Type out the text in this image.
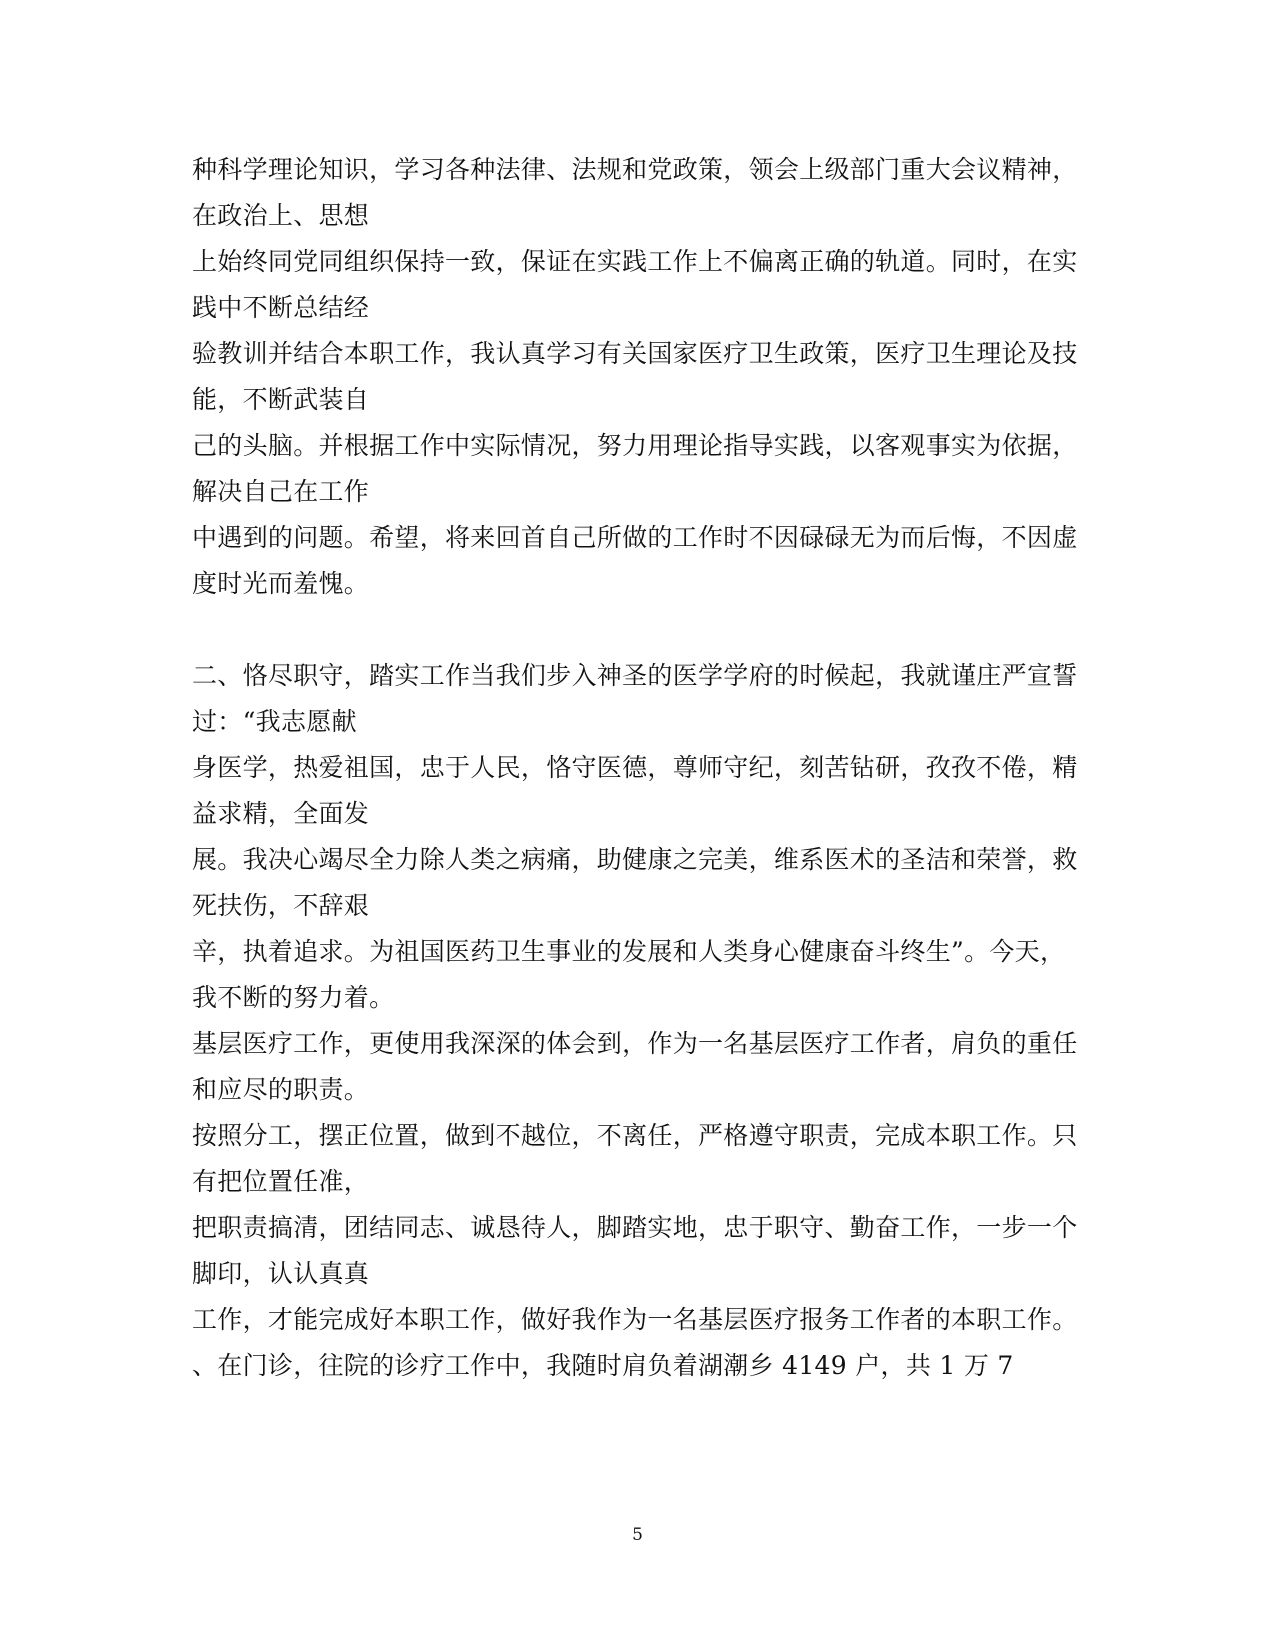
种科学理论知识，学习各种法律、法规和党政策，领会上级部门重大会议精神，
在政治上、思想
上始终同党同组织保持一致，保证在实践工作上不偏离正确的轨道。同时，在实
践中不断总结经
验教训并结合本职工作，我认真学习有关国家医疗卫生政策，医疗卫生理论及技
能，不断武装自
己的头脑。并根据工作中实际情况，努力用理论指导实践，以客观事实为依据，
解决自己在工作
中遇到的问题。希望，将来回首自己所做的工作时不因碌碌无为而后悔，不因虚
度时光而羞愧。
二、恪尽职守，踏实工作当我们步入神圣的医学学府的时候起，我就谨庄严宣誓
过：“我志愿献
身医学，热爱祖国，忠于人民，恪守医德，尊师守纪，刻苦钻研，孜孜不倦，精
益求精，全面发
展。我决心竭尽全力除人类之病痛，助健康之完美，维系医术的圣洁和荣誉，救
死扶伤，不辞艰
辛，执着追求。为祖国医药卫生事业的发展和人类身心健康奋斗终生”。今天，
我不断的努力着。
基层医疗工作，更使用我深深的体会到，作为一名基层医疗工作者，肩负的重任
和应尽的职责。
按照分工，摆正位置，做到不越位，不离任，严格遵守职责，完成本职工作。只
有把位置任准，
把职责搞清，团结同志、诚恳待人，脚踏实地，忠于职守、勤奋工作，一步一个
脚印，认认真真
工作，才能完成好本职工作，做好我作为一名基层医疗报务工作者的本职工作。
、在门诊，往院的诊疗工作中，我随时肩负着湖潮乡 4149 户，共 1 万 7
5
